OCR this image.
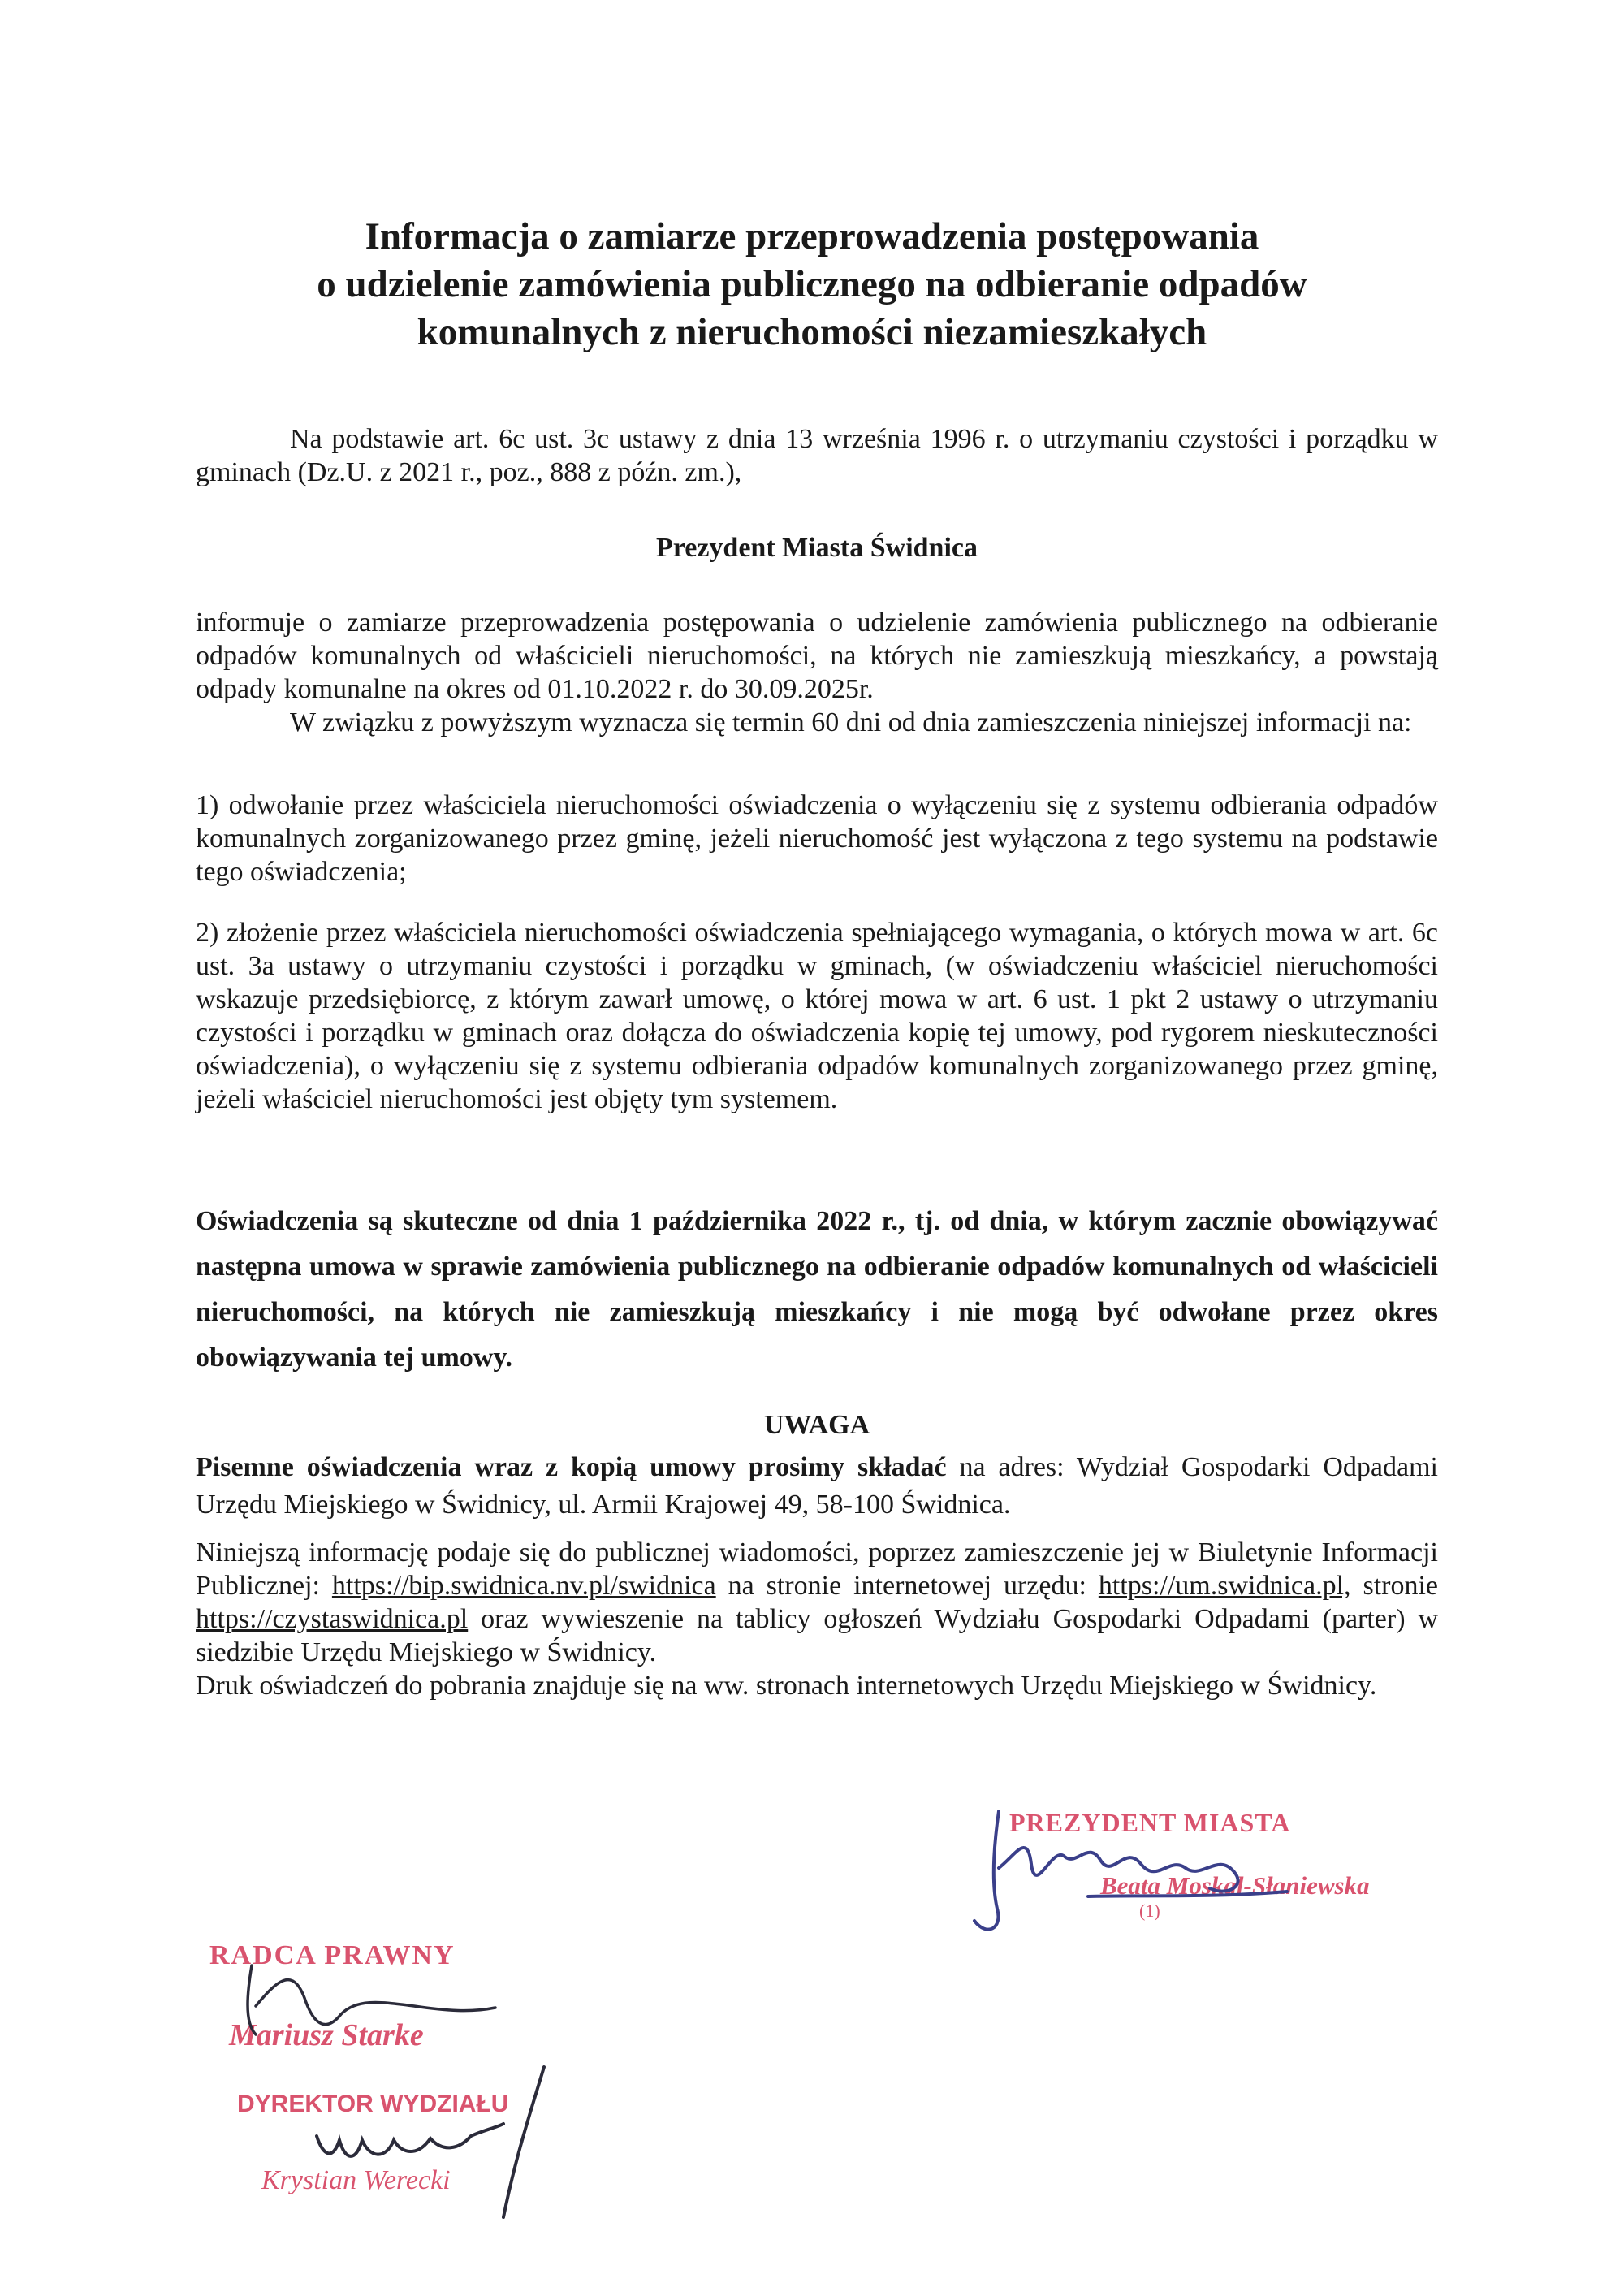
Informacja o zamiarze przeprowadzenia postępowania
o udzielenie zamówienia publicznego na odbieranie odpadów
komunalnych z nieruchomości niezamieszkałych
Na podstawie art. 6c ust. 3c ustawy z dnia 13 września 1996 r. o utrzymaniu czystości i porządku w gminach (Dz.U. z 2021 r., poz., 888 z późn. zm.),
Prezydent Miasta Świdnica
informuje o zamiarze przeprowadzenia postępowania o udzielenie zamówienia publicznego na odbieranie odpadów komunalnych od właścicieli nieruchomości, na których nie zamieszkują mieszkańcy, a powstają odpady komunalne na okres od 01.10.2022 r. do 30.09.2025r.
W związku z powyższym wyznacza się termin 60 dni od dnia zamieszczenia niniejszej informacji na:
1) odwołanie przez właściciela nieruchomości oświadczenia o wyłączeniu się z systemu odbierania odpadów komunalnych zorganizowanego przez gminę, jeżeli nieruchomość jest wyłączona z tego systemu na podstawie tego oświadczenia;
2) złożenie przez właściciela nieruchomości oświadczenia spełniającego wymagania, o których mowa w art. 6c ust. 3a ustawy o utrzymaniu czystości i porządku w gminach, (w oświadczeniu właściciel nieruchomości wskazuje przedsiębiorcę, z którym zawarł umowę, o której mowa w art. 6 ust. 1 pkt 2 ustawy o utrzymaniu czystości i porządku w gminach oraz dołącza do oświadczenia kopię tej umowy, pod rygorem nieskuteczności oświadczenia), o wyłączeniu się z systemu odbierania odpadów komunalnych zorganizowanego przez gminę, jeżeli właściciel nieruchomości jest objęty tym systemem.
Oświadczenia są skuteczne od dnia 1 października 2022 r., tj. od dnia, w którym zacznie obowiązywać następna umowa w sprawie zamówienia publicznego na odbieranie odpadów komunalnych od właścicieli nieruchomości, na których nie zamieszkują mieszkańcy i nie mogą być odwołane przez okres obowiązywania tej umowy.
UWAGA
Pisemne oświadczenia wraz z kopią umowy prosimy składać na adres: Wydział Gospodarki Odpadami Urzędu Miejskiego w Świdnicy, ul. Armii Krajowej 49, 58-100 Świdnica.
Niniejszą informację podaje się do publicznej wiadomości, poprzez zamieszczenie jej w Biuletynie Informacji Publicznej: https://bip.swidnica.nv.pl/swidnica na stronie internetowej urzędu: https://um.swidnica.pl, stronie https://czystaswidnica.pl oraz wywieszenie na tablicy ogłoszeń Wydziału Gospodarki Odpadami (parter) w siedzibie Urzędu Miejskiego w Świdnicy.
Druk oświadczeń do pobrania znajduje się na ww. stronach internetowych Urzędu Miejskiego w Świdnicy.
PREZYDENT MIASTA
Beata Moskal-Słaniewska
(1)
RADCA PRAWNY
Mariusz Starke
DYREKTOR WYDZIAŁU
Krystian Werecki
